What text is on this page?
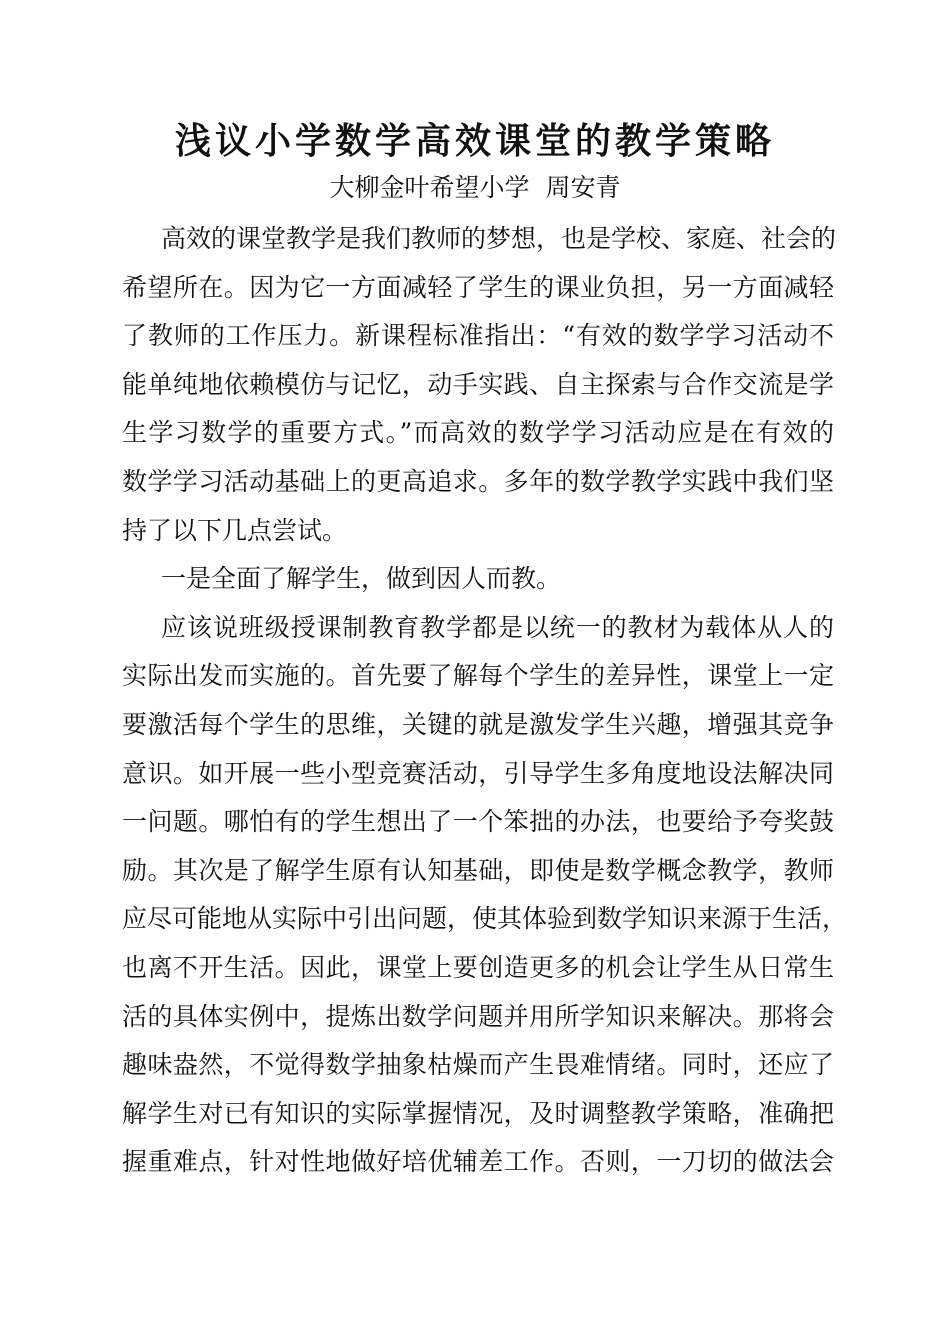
浅议小学数学高效课堂的教学策略

大柳金叶希望小学  周安青

高效的课堂教学是我们教师的梦想，也是学校、家庭、社会的
希望所在。因为它一方面减轻了学生的课业负担，另一方面减轻
了教师的工作压力。新课程标准指出：“有效的数学学习活动不
能单纯地依赖模仿与记忆，动手实践、自主探索与合作交流是学
生学习数学的重要方式。”而高效的数学学习活动应是在有效的
数学学习活动基础上的更高追求。多年的数学教学实践中我们坚
持了以下几点尝试。
一是全面了解学生，做到因人而教。
应该说班级授课制教育教学都是以统一的教材为载体从人的
实际出发而实施的。首先要了解每个学生的差异性，课堂上一定
要激活每个学生的思维，关键的就是激发学生兴趣，增强其竞争
意识。如开展一些小型竞赛活动，引导学生多角度地设法解决同
一问题。哪怕有的学生想出了一个笨拙的办法，也要给予夸奖鼓
励。其次是了解学生原有认知基础，即使是数学概念教学，教师
应尽可能地从实际中引出问题，使其体验到数学知识来源于生活，
也离不开生活。因此，课堂上要创造更多的机会让学生从日常生
活的具体实例中，提炼出数学问题并用所学知识来解决。那将会
趣味盎然，不觉得数学抽象枯燥而产生畏难情绪。同时，还应了
解学生对已有知识的实际掌握情况，及时调整教学策略，准确把
握重难点，针对性地做好培优辅差工作。否则，一刀切的做法会
